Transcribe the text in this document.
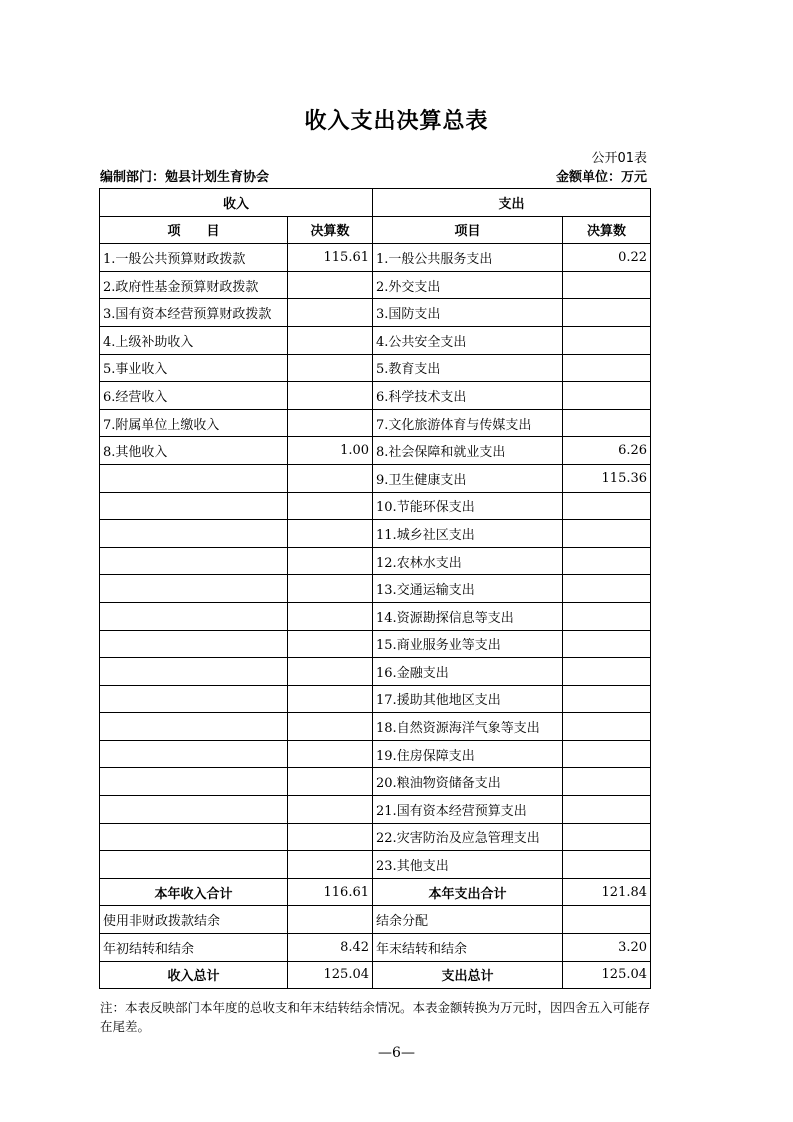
收入支出决算总表
公开01表
编制部门：勉县计划生育协会	金额单位：万元
收入		支出	
项　　目	决算数	项目	决算数
1.一般公共预算财政拨款	115.61	1.一般公共服务支出	0.22
2.政府性基金预算财政拨款		2.外交支出	
3.国有资本经营预算财政拨款		3.国防支出	
4.上级补助收入		4.公共安全支出	
5.事业收入		5.教育支出	
6.经营收入		6.科学技术支出	
7.附属单位上缴收入		7.文化旅游体育与传媒支出	
8.其他收入	1.00	8.社会保障和就业支出	6.26
		9.卫生健康支出	115.36
		10.节能环保支出	
		11.城乡社区支出	
		12.农林水支出	
		13.交通运输支出	
		14.资源勘探信息等支出	
		15.商业服务业等支出	
		16.金融支出	
		17.援助其他地区支出	
		18.自然资源海洋气象等支出	
		19.住房保障支出	
		20.粮油物资储备支出	
		21.国有资本经营预算支出	
		22.灾害防治及应急管理支出	
		23.其他支出	
本年收入合计	116.61	本年支出合计	121.84
使用非财政拨款结余		结余分配	
年初结转和结余	8.42	年末结转和结余	3.20
收入总计	125.04	支出总计	125.04
注：本表反映部门本年度的总收支和年末结转结余情况。本表金额转换为万元时，因四舍五入可能存在尾差。
—6—
